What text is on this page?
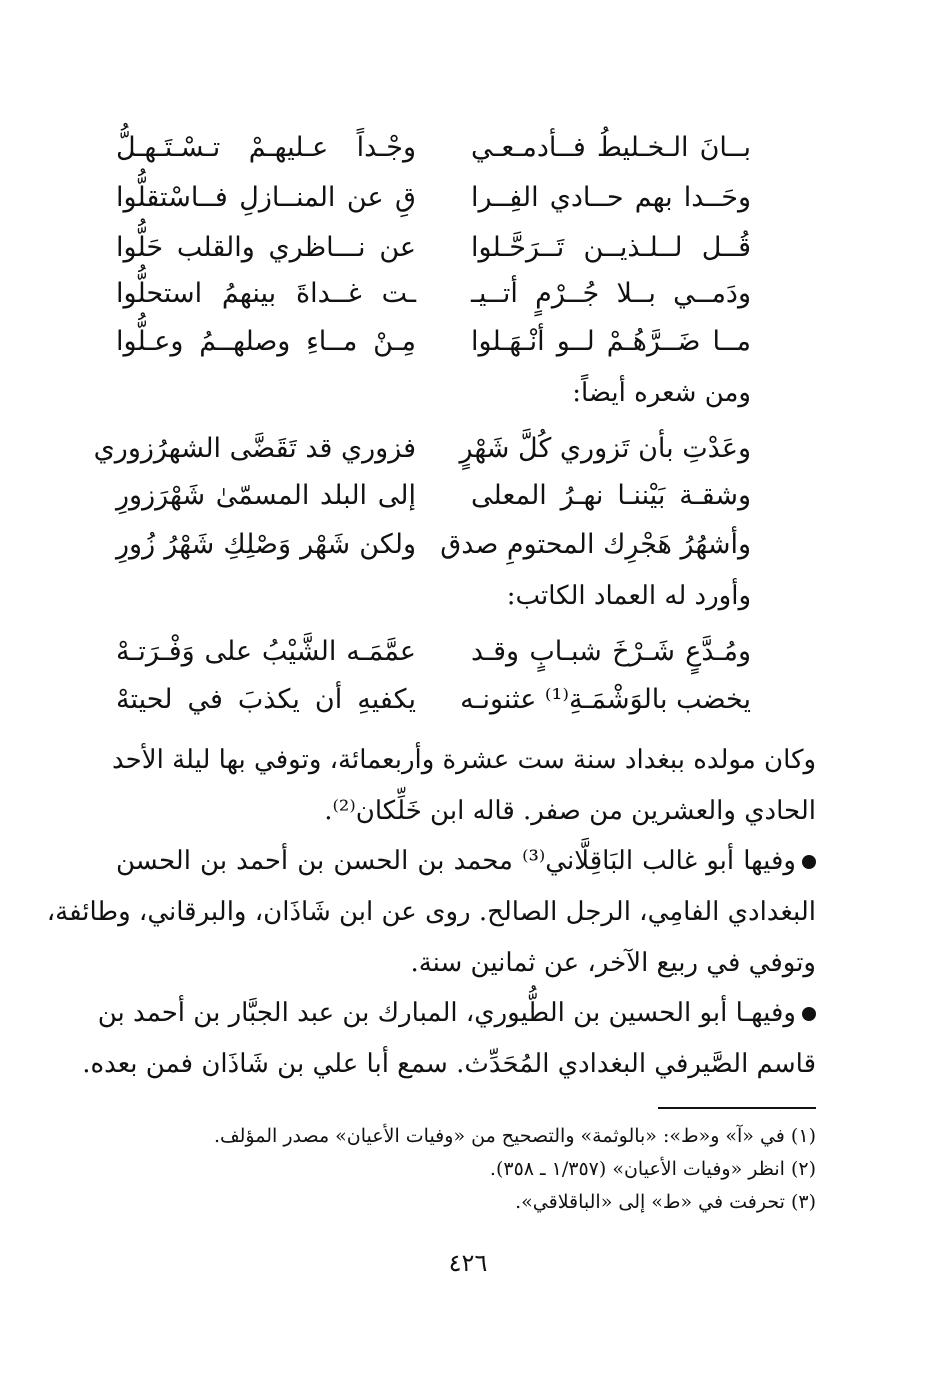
بــانَ الـخـليطُ فــأدمـعـي
وجْـداً عـليهـمْ تـسْـتَـهـلُّ
وحَــدا بهم حــادي الفِــرا
قِ عن المنــازلِ فــاسْتقلُّوا
قُــل لــلـذيــن تَــرَحَّـلوا
عن نـــاظري والقلب حَلُّوا
ودَمــي بــلا جُــرْمٍ أتــيـ
ـت غــداةَ بينهمُ استحلُّوا
مــا ضَــرَّهُـمْ لــو أنْـهَـلوا
مِـنْ مــاءِ وصلهــمُ وعـلُّوا
ومن شعره أيضاً:
وعَدْتِ بأن تَزوري كُلَّ شَهْرٍ
فزوري قد تَقَضَّى الشهرُزوري
وشقـة بَيْننـا نهـرُ المعلى
إلى البلد المسمّىٰ شَهْرَزورِ
وأشهُرُ هَجْرِك المحتومِ صدق
ولكن شَهْر وَصْلِكِ شَهْرُ زُورِ
وأورد له العماد الكاتب:
ومُـدَّعٍ شَـرْخَ شبـابٍ وقـد
عمَّمَـه الشَّيْبُ على وَفْـرَتـهْ
يخضب بالوَشْمَـةِ⁽¹⁾ عثنونـه
يكفيهِ أن يكذبَ في لحيتهْ
وكان مولده ببغداد سنة ست عشرة وأربعمائة، وتوفي بها ليلة الأحد
الحادي والعشرين من صفر. قاله ابن خَلِّكان⁽²⁾.
وفيها أبو غالب البَاقِلَّاني⁽³⁾ محمد بن الحسن بن أحمد بن الحسن
البغدادي الفامِي، الرجل الصالح. روى عن ابن شَاذَان، والبرقاني، وطائفة،
وتوفي في ربيع الآخر، عن ثمانين سنة.
وفيهـا أبو الحسين بن الطُّيوري، المبارك بن عبد الجبَّار بن أحمد بن
قاسم الصَّيرفي البغدادي المُحَدِّث. سمع أبا علي بن شَاذَان فمن بعده.
(١) في «آ» و«ط»: «بالوثمة» والتصحيح من «وفيات الأعيان» مصدر المؤلف.
(٢) انظر «وفيات الأعيان» (١/٣٥٧ ـ ٣٥٨).
(٣) تحرفت في «ط» إلى «الباقلاقي».
٤٢٦
